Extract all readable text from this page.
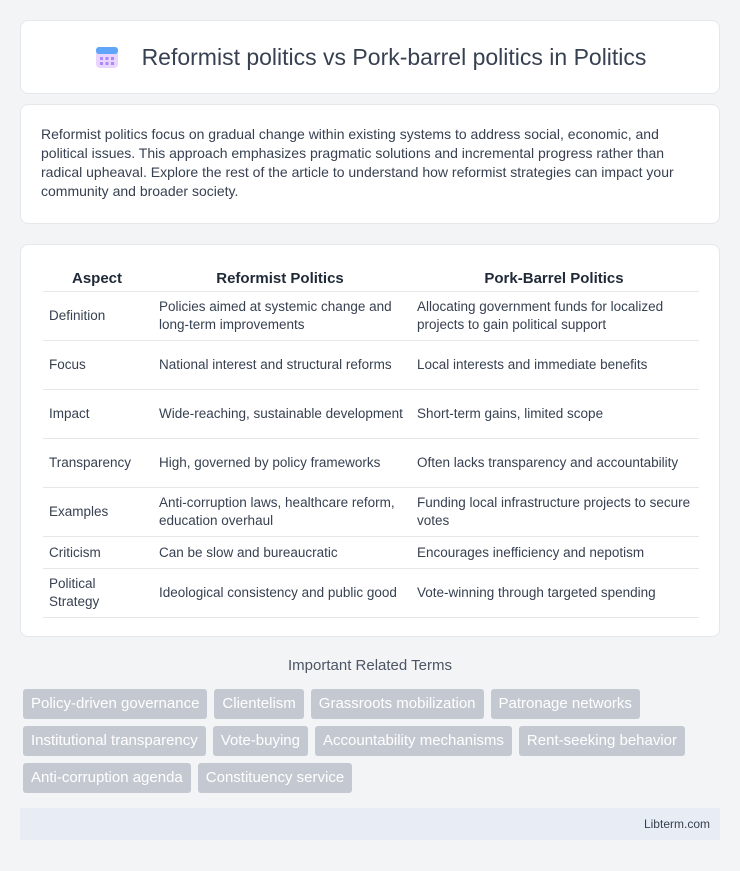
Reformist politics vs Pork-barrel politics in Politics

Reformist politics focus on gradual change within existing systems to address social, economic, and political issues. This approach emphasizes pragmatic solutions and incremental progress rather than radical upheaval. Explore the rest of the article to understand how reformist strategies can impact your community and broader society.

Aspect	Reformist Politics	Pork-Barrel Politics
Definition	Policies aimed at systemic change and long-term improvements	Allocating government funds for localized projects to gain political support
Focus	National interest and structural reforms	Local interests and immediate benefits
Impact	Wide-reaching, sustainable development	Short-term gains, limited scope
Transparency	High, governed by policy frameworks	Often lacks transparency and accountability
Examples	Anti-corruption laws, healthcare reform, education overhaul	Funding local infrastructure projects to secure votes
Criticism	Can be slow and bureaucratic	Encourages inefficiency and nepotism
Political Strategy	Ideological consistency and public good	Vote-winning through targeted spending
Important Related Terms
Policy-driven governance	Clientelism	Grassroots mobilization	Patronage networks
Institutional transparency	Vote-buying	Accountability mechanisms	Rent-seeking behavior
Anti-corruption agenda	Constituency service
Libterm.com
